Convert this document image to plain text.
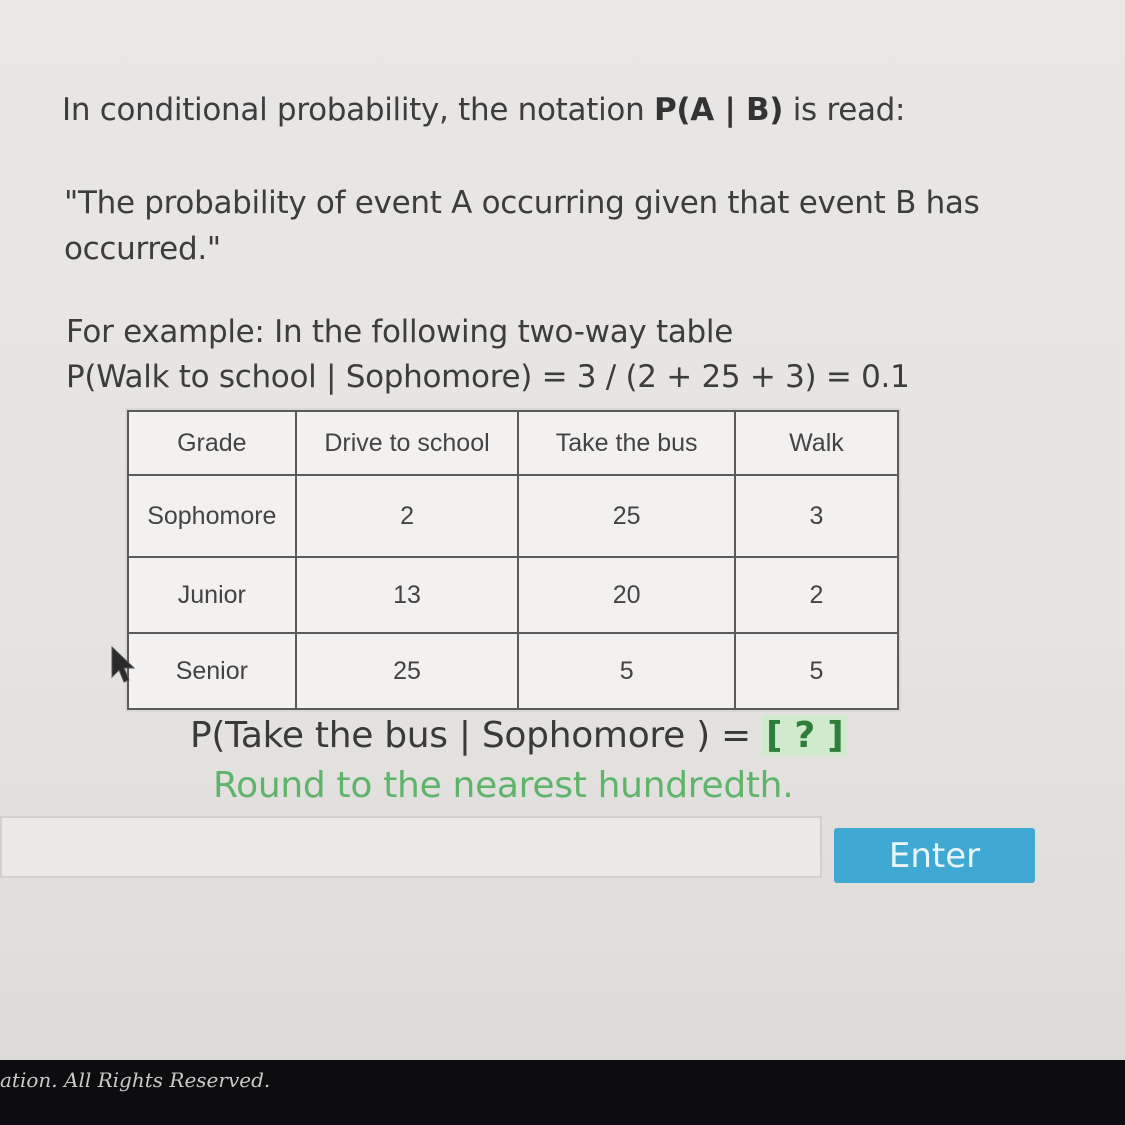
In conditional probability, the notation P(A | B) is read:

"The probability of event A occurring given that event B has occurred."

For example: In the following two-way table
P(Walk to school | Sophomore) = 3 / (2 + 25 + 3) = 0.1

Grade	Drive to school	Take the bus	Walk
Sophomore	2	25	3
Junior	13	20	2
Senior	25	5	5

P(Take the bus | Sophomore ) = [ ? ]

Round to the nearest hundredth.

Enter
ation. All Rights Reserved.
